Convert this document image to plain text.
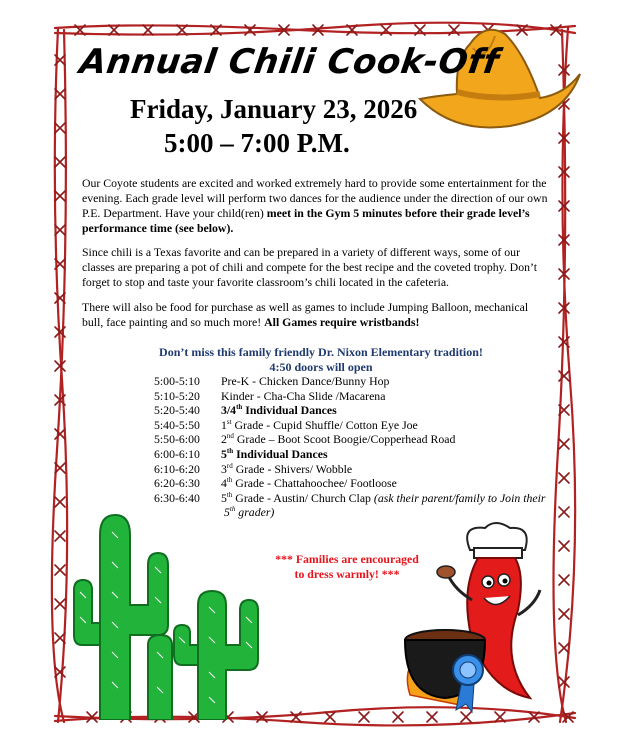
Annual Chili Cook-Off
Friday, January 23, 2026
5:00 – 7:00 P.M.

Our Coyote students are excited and worked extremely hard to provide some entertainment for the evening. Each grade level will perform two dances for the audience under the direction of our own P.E. Department. Have your child(ren) meet in the Gym 5 minutes before their grade level’s performance time (see below).

Since chili is a Texas favorite and can be prepared in a variety of different ways, some of our classes are preparing a pot of chili and compete for the best recipe and the coveted trophy. Don’t forget to stop and taste your favorite classroom’s chili located in the cafeteria.

There will also be food for purchase as well as games to include Jumping Balloon, mechanical bull, face painting and so much more! All Games require wristbands!

Don’t miss this family friendly Dr. Nixon Elementary tradition!
4:50 doors will open
5:00-5:10 Pre-K - Chicken Dance/Bunny Hop
5:10-5:20 Kinder - Cha-Cha Slide /Macarena
5:20-5:40 3/4th Individual Dances
5:40-5:50 1st Grade - Cupid Shuffle/ Cotton Eye Joe
5:50-6:00 2nd Grade – Boot Scoot Boogie/Copperhead Road
6:00-6:10 5th Individual Dances
6:10-6:20 3rd Grade - Shivers/ Wobble
6:20-6:30 4th Grade - Chattahoochee/ Footloose
6:30-6:40 5th Grade - Austin/ Church Clap (ask their parent/family to Join their
5th grader)
*** Families are encouraged
to dress warmly! ***
